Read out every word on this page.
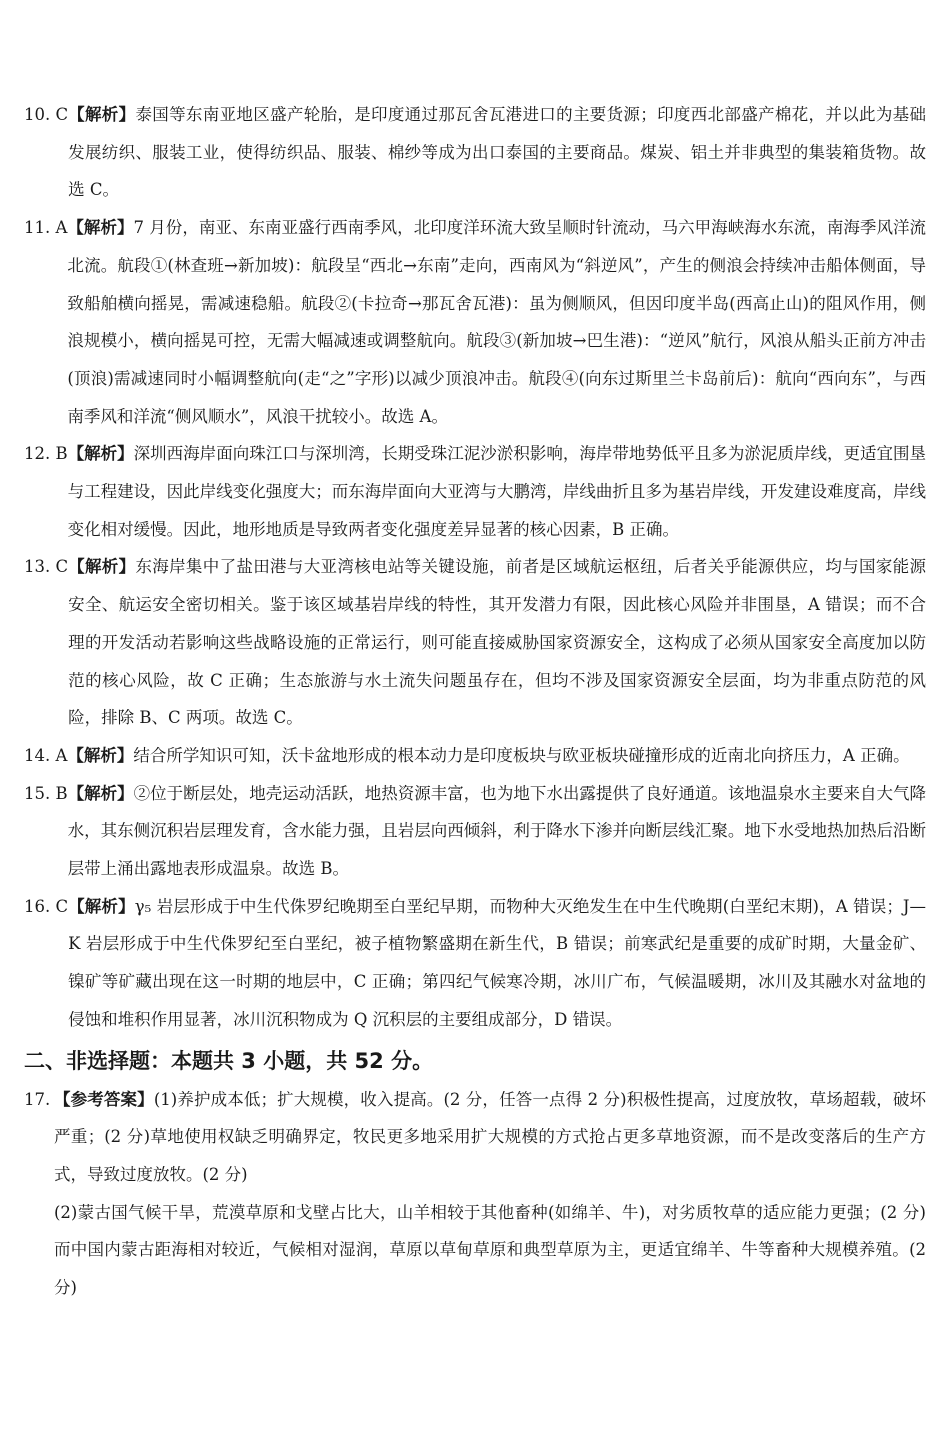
10. C 【解析】泰国等东南亚地区盛产轮胎，是印度通过那瓦舍瓦港进口的主要货源；印度西北部盛产棉花，并以此为基础发展纺织、服装工业，使得纺织品、服装、棉纱等成为出口泰国的主要商品。煤炭、铝土并非典型的集装箱货物。故选 C。
11. A 【解析】7 月份，南亚、东南亚盛行西南季风，北印度洋环流大致呈顺时针流动，马六甲海峡海水东流，南海季风洋流北流。航段①(林查班→新加坡)：航段呈“西北→东南”走向，西南风为“斜逆风”，产生的侧浪会持续冲击船体侧面，导致船舶横向摇晃，需减速稳船。航段②(卡拉奇→那瓦舍瓦港)：虽为侧顺风，但因印度半岛(西高止山)的阻风作用，侧浪规模小，横向摇晃可控，无需大幅减速或调整航向。航段③(新加坡→巴生港)：“逆风”航行，风浪从船头正前方冲击(顶浪)需减速同时小幅调整航向(走“之”字形)以减少顶浪冲击。航段④(向东过斯里兰卡岛前后)：航向“西向东”，与西南季风和洋流“侧风顺水”，风浪干扰较小。故选 A。
12. B 【解析】深圳西海岸面向珠江口与深圳湾，长期受珠江泥沙淤积影响，海岸带地势低平且多为淤泥质岸线，更适宜围垦与工程建设，因此岸线变化强度大；而东海岸面向大亚湾与大鹏湾，岸线曲折且多为基岩岸线，开发建设难度高，岸线变化相对缓慢。因此，地形地质是导致两者变化强度差异显著的核心因素，B 正确。
13. C 【解析】东海岸集中了盐田港与大亚湾核电站等关键设施，前者是区域航运枢纽，后者关乎能源供应，均与国家能源安全、航运安全密切相关。鉴于该区域基岩岸线的特性，其开发潜力有限，因此核心风险并非围垦，A 错误；而不合理的开发活动若影响这些战略设施的正常运行，则可能直接威胁国家资源安全，这构成了必须从国家安全高度加以防范的核心风险，故 C 正确；生态旅游与水土流失问题虽存在，但均不涉及国家资源安全层面，均为非重点防范的风险，排除 B、C 两项。故选 C。
14. A 【解析】结合所学知识可知，沃卡盆地形成的根本动力是印度板块与欧亚板块碰撞形成的近南北向挤压力，A 正确。
15. B 【解析】②位于断层处，地壳运动活跃，地热资源丰富，也为地下水出露提供了良好通道。该地温泉水主要来自大气降水，其东侧沉积岩层理发育，含水能力强，且岩层向西倾斜，利于降水下渗并向断层线汇聚。地下水受地热加热后沿断层带上涌出露地表形成温泉。故选 B。
16. C 【解析】γ₅ 岩层形成于中生代侏罗纪晚期至白垩纪早期，而物种大灭绝发生在中生代晚期(白垩纪末期)，A 错误；J—K 岩层形成于中生代侏罗纪至白垩纪，被子植物繁盛期在新生代，B 错误；前寒武纪是重要的成矿时期，大量金矿、镍矿等矿藏出现在这一时期的地层中，C 正确；第四纪气候寒冷期，冰川广布，气候温暖期，冰川及其融水对盆地的侵蚀和堆积作用显著，冰川沉积物成为 Q 沉积层的主要组成部分，D 错误。
二、非选择题：本题共 3 小题，共 52 分。
17. 【参考答案】(1)养护成本低；扩大规模，收入提高。(2 分，任答一点得 2 分)积极性提高，过度放牧，草场超载，破坏严重；(2 分)草地使用权缺乏明确界定，牧民更多地采用扩大规模的方式抢占更多草地资源，而不是改变落后的生产方式，导致过度放牧。(2 分)
(2)蒙古国气候干旱，荒漠草原和戈壁占比大，山羊相较于其他畜种(如绵羊、牛)，对劣质牧草的适应能力更强；(2 分)而中国内蒙古距海相对较近，气候相对湿润，草原以草甸草原和典型草原为主，更适宜绵羊、牛等畜种大规模养殖。(2 分)
